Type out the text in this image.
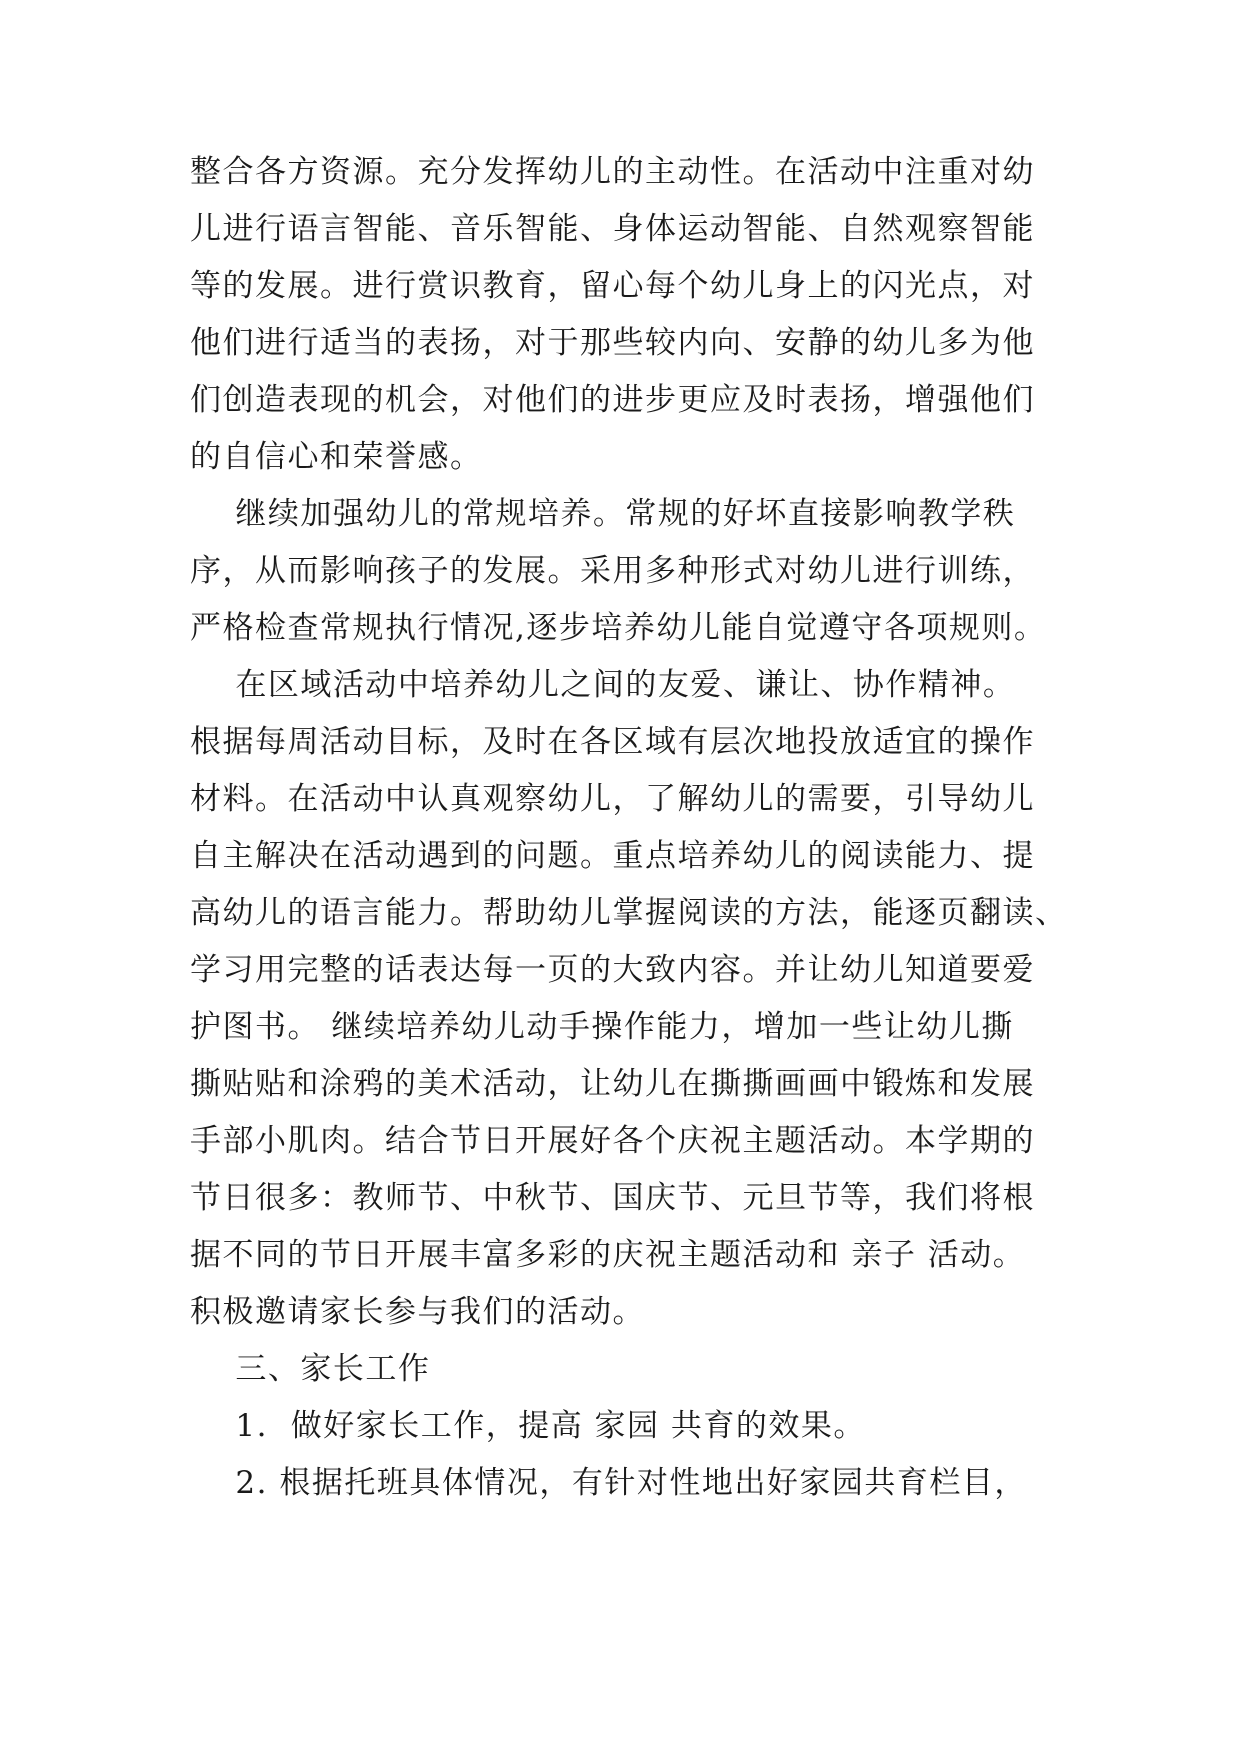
整合各方资源。充分发挥幼儿的主动性。在活动中注重对幼
儿进行语言智能、音乐智能、身体运动智能、自然观察智能
等的发展。进行赏识教育，留心每个幼儿身上的闪光点，对
他们进行适当的表扬，对于那些较内向、安静的幼儿多为他
们创造表现的机会，对他们的进步更应及时表扬，增强他们
的自信心和荣誉感。
继续加强幼儿的常规培养。常规的好坏直接影响教学秩
序，从而影响孩子的发展。采用多种形式对幼儿进行训练，
严格检查常规执行情况,逐步培养幼儿能自觉遵守各项规则。
在区域活动中培养幼儿之间的友爱、谦让、协作精神。
根据每周活动目标，及时在各区域有层次地投放适宜的操作
材料。在活动中认真观察幼儿，了解幼儿的需要，引导幼儿
自主解决在活动遇到的问题。重点培养幼儿的阅读能力、提
高幼儿的语言能力。帮助幼儿掌握阅读的方法，能逐页翻读、
学习用完整的话表达每一页的大致内容。并让幼儿知道要爱
护图书。 继续培养幼儿动手操作能力，增加一些让幼儿撕
撕贴贴和涂鸦的美术活动，让幼儿在撕撕画画中锻炼和发展
手部小肌肉。结合节日开展好各个庆祝主题活动。本学期的
节日很多：教师节、中秋节、国庆节、元旦节等，我们将根
据不同的节日开展丰富多彩的庆祝主题活动和 亲子 活动。
积极邀请家长参与我们的活动。
三、家长工作
1.  做好家长工作，提高 家园 共育的效果。
2. 根据托班具体情况，有针对性地出好家园共育栏目，
